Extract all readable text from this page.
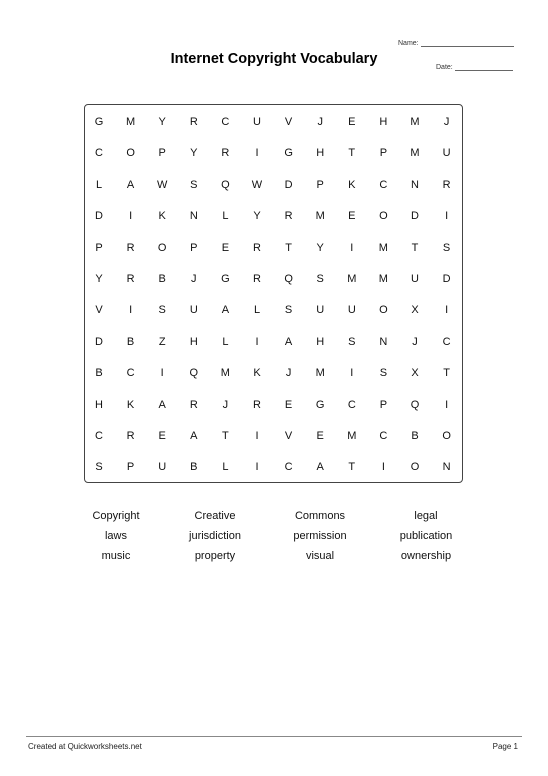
Name:
Date:
Internet Copyright Vocabulary
G	M	Y	R	C	U	V	J	E	H	M	J
C	O	P	Y	R	I	G	H	T	P	M	U
L	A	W	S	Q	W	D	P	K	C	N	R
D	I	K	N	L	Y	R	M	E	O	D	I
P	R	O	P	E	R	T	Y	I	M	T	S
Y	R	B	J	G	R	Q	S	M	M	U	D
V	I	S	U	A	L	S	U	U	O	X	I
D	B	Z	H	L	I	A	H	S	N	J	C
B	C	I	Q	M	K	J	M	I	S	X	T
H	K	A	R	J	R	E	G	C	P	Q	I
C	R	E	A	T	I	V	E	M	C	B	O
S	P	U	B	L	I	C	A	T	I	O	N
Copyright	Creative	Commons	legal
laws	jurisdiction	permission	publication
music	property	visual	ownership
Created at Quickworksheets.net	Page 1
